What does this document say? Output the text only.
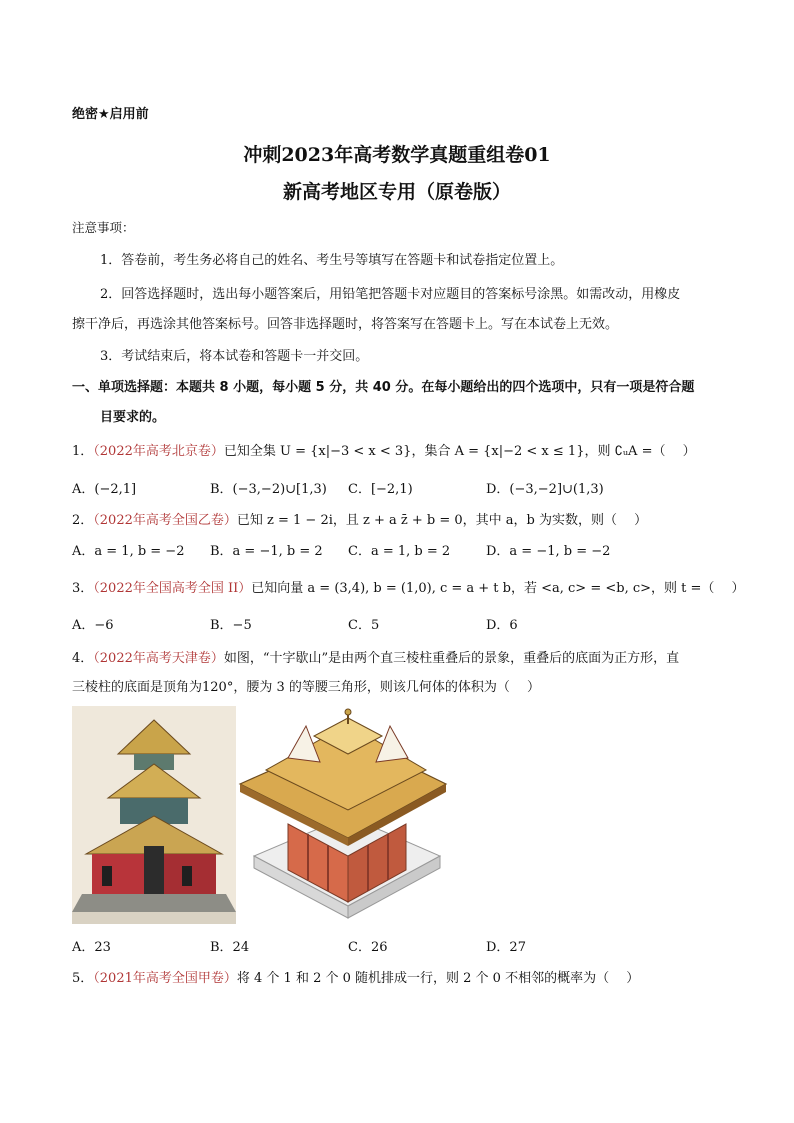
绝密★启用前
冲刺2023年高考数学真题重组卷01
新高考地区专用（原卷版）
注意事项：
1．答卷前，考生务必将自己的姓名、考生号等填写在答题卡和试卷指定位置上。
2．回答选择题时，选出每小题答案后，用铅笔把答题卡对应题目的答案标号涂黑。如需改动，用橡皮
擦干净后，再选涂其他答案标号。回答非选择题时，将答案写在答题卡上。写在本试卷上无效。
3．考试结束后，将本试卷和答题卡一并交回。
一、单项选择题：本题共 8 小题，每小题 5 分，共 40 分。在每小题给出的四个选项中，只有一项是符合题
目要求的。
1．（2022年高考北京卷）已知全集 U = {x|−3 < x < 3}，集合 A = {x|−2 < x ≤ 1}，则 ∁ᵤA =（　 ）
A．(−2,1]	B．(−3,−2)∪[1,3) C．[−2,1)	D．(−3,−2]∪(1,3)
2．（2022年高考全国乙卷）已知 z = 1 − 2i，且 z + a z̄ + b = 0，其中 a，b 为实数，则（　 ）
A．a = 1, b = −2 B．a = −1, b = 2 C．a = 1, b = 2	D．a = −1, b = −2
3．（2022年全国高考全国 II）已知向量 a = (3,4), b = (1,0), c = a + t b，若 <a, c> = <b, c>，则 t =（　 ）
A．−6	B．−5	C．5	D．6
4．（2022年高考天津卷）如图，“十字歇山”是由两个直三棱柱重叠后的景象，重叠后的底面为正方形，直
三棱柱的底面是顶角为120°，腰为 3 的等腰三角形，则该几何体的体积为（　 ）
A．23	B．24	C．26	D．27
5．（2021年高考全国甲卷）将 4 个 1 和 2 个 0 随机排成一行，则 2 个 0 不相邻的概率为（　 ）
